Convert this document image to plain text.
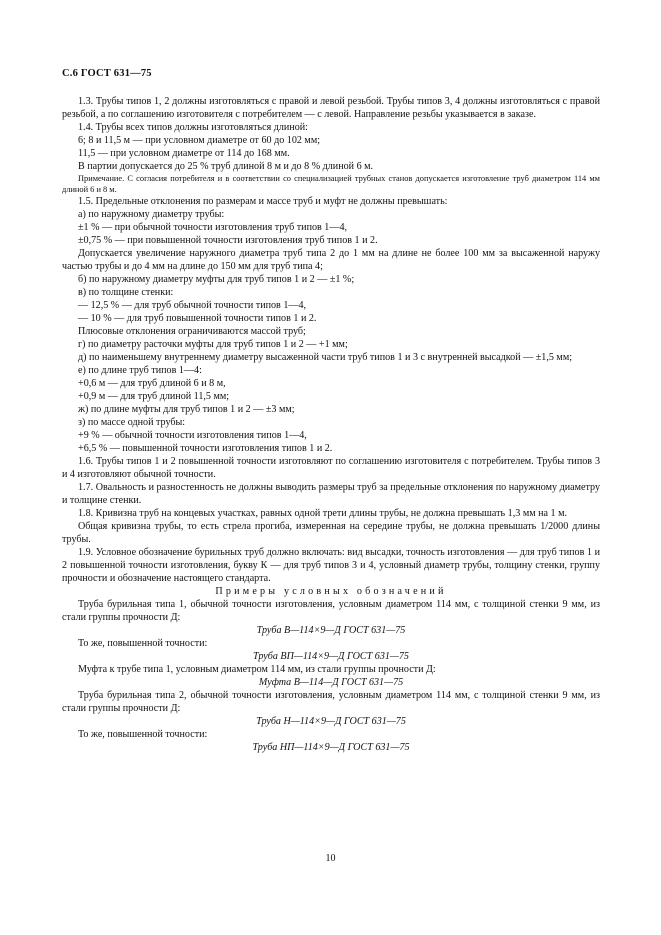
С.6 ГОСТ 631—75

1.3. Трубы типов 1, 2 должны изготовляться с правой и левой резьбой. Трубы типов 3, 4 должны изготовляться с правой резьбой, а по соглашению изготовителя с потребителем — с левой. Направление резьбы указывается в заказе.

1.4. Трубы всех типов должны изготовляться длиной:

6; 8 и 11,5 м — при условном диаметре от 60 до 102 мм;

11,5 — при условном диаметре от 114 до 168 мм.

В партии допускается до 25 % труб длиной 8 м и до 8 % длиной 6 м.

Примечание. С согласия потребителя и в соответствии со специализацией трубных станов допускается изготовление труб диаметром 114 мм длиной 6 и 8 м.

1.5. Предельные отклонения по размерам и массе труб и муфт не должны превышать:

а) по наружному диаметру трубы:

±1 % — при обычной точности изготовления труб типов 1—4,

±0,75 % — при повышенной точности изготовления труб типов 1 и 2.

Допускается увеличение наружного диаметра труб типа 2 до 1 мм на длине не более 100 мм за высаженной наружу частью трубы и до 4 мм на длине до 150 мм для труб типа 4;

б) по наружному диаметру муфты для труб типов 1 и 2 — ±1 %;

в) по толщине стенки:

— 12,5 % — для труб обычной точности типов 1—4,

— 10 % — для труб повышенной точности типов 1 и 2.

Плюсовые отклонения ограничиваются массой труб;

г) по диаметру расточки муфты для труб типов 1 и 2 — +1 мм;

д) по наименьшему внутреннему диаметру высаженной части труб типов 1 и 3 с внутренней высадкой — ±1,5 мм;

е) по длине труб типов 1—4:

+0,6 м — для труб длиной 6 и 8 м,

+0,9 м — для труб длиной 11,5 мм;

ж) по длине муфты для труб типов 1 и 2 — ±3 мм;

з) по массе одной трубы:

+9 % — обычной точности изготовления типов 1—4,

+6,5 % — повышенной точности изготовления типов 1 и 2.

1.6. Трубы типов 1 и 2 повышенной точности изготовляют по соглашению изготовителя с потребителем. Трубы типов 3 и 4 изготовляют обычной точности.

1.7. Овальность и разностенность не должны выводить размеры труб за предельные отклонения по наружному диаметру и толщине стенки.

1.8. Кривизна труб на концевых участках, равных одной трети длины трубы, не должна превышать 1,3 мм на 1 м.

Общая кривизна трубы, то есть стрела прогиба, измеренная на середине трубы, не должна превышать 1/2000 длины трубы.

1.9. Условное обозначение бурильных труб должно включать: вид высадки, точность изготовления — для труб типов 1 и 2 повышенной точности изготовления, букву К — для труб типов 3 и 4, условный диаметр трубы, толщину стенки, группу прочности и обозначение настоящего стандарта.

Примеры условных обозначений

Труба бурильная типа 1, обычной точности изготовления, условным диаметром 114 мм, с толщиной стенки 9 мм, из стали группы прочности Д:

Труба В—114×9—Д ГОСТ 631—75

То же, повышенной точности:

Труба ВП—114×9—Д ГОСТ 631—75

Муфта к трубе типа 1, условным диаметром 114 мм, из стали группы прочности Д:

Муфта В—114—Д ГОСТ 631—75

Труба бурильная типа 2, обычной точности изготовления, условным диаметром 114 мм, с толщиной стенки 9 мм, из стали группы прочности Д:

Труба Н—114×9—Д ГОСТ 631—75

То же, повышенной точности:

Труба НП—114×9—Д ГОСТ 631—75

10
